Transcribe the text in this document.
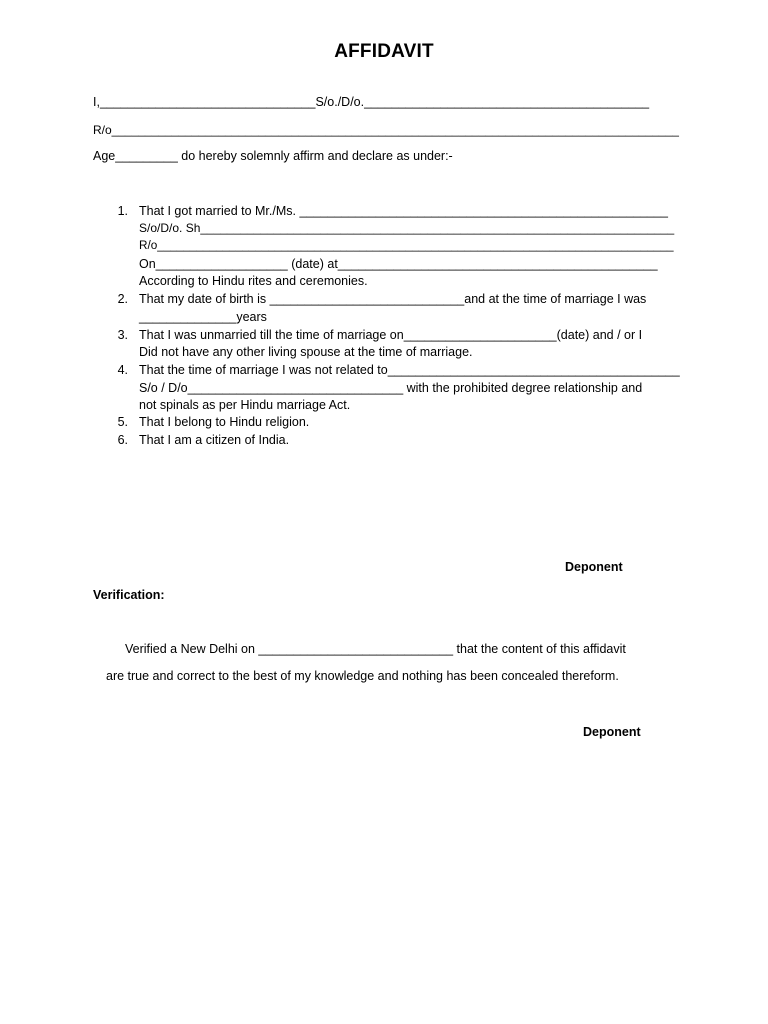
AFFIDAVIT
I,_______________________________S/o./D/o._________________________________________
R/o_____________________________________________________________________________________
Age_________ do hereby solemnly affirm and declare as under:-
1. That I got married to Mr./Ms. _____________________________________________________
S/o/D/o. Sh_______________________________________________________________________
R/o_______________________________________________________________________________
On___________________ (date) at______________________________________________
According to Hindu rites and ceremonies.
2. That my date of birth is ____________________________and at the time of marriage I was
______________years
3. That I was unmarried till the time of marriage on______________________(date) and / or I
Did not have any other living spouse at the time of marriage.
4. That the time of marriage I was not related to__________________________________________
S/o / D/o_______________________________ with the prohibited degree relationship and
not spinals as per Hindu marriage Act.
5. That I belong to Hindu religion.
6. That I am a citizen of India.
Deponent
Verification:
Verified a New Delhi on ____________________________ that the content of this affidavit
are true and correct to the best of my knowledge and nothing has been concealed thereform.
Deponent
